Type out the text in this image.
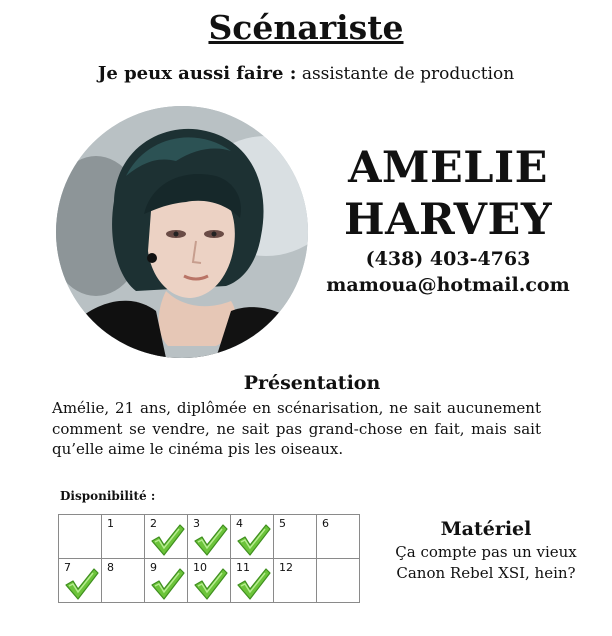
Scénariste
Je peux aussi faire : assistante de production
AMELIE
HARVEY
(438) 403-4763
mamoua@hotmail.com
Présentation
Amélie, 21 ans, diplômée en scénarisation, ne sait aucunement comment se vendre, ne sait pas grand-chose en fait, mais sait qu’elle aime le cinéma pis les oiseaux.
Disponibilité :

	1	2	3	4	5	6

7	8	9	10	11	12	

Matériel
Ça compte pas un vieux
Canon Rebel XSI, hein?
